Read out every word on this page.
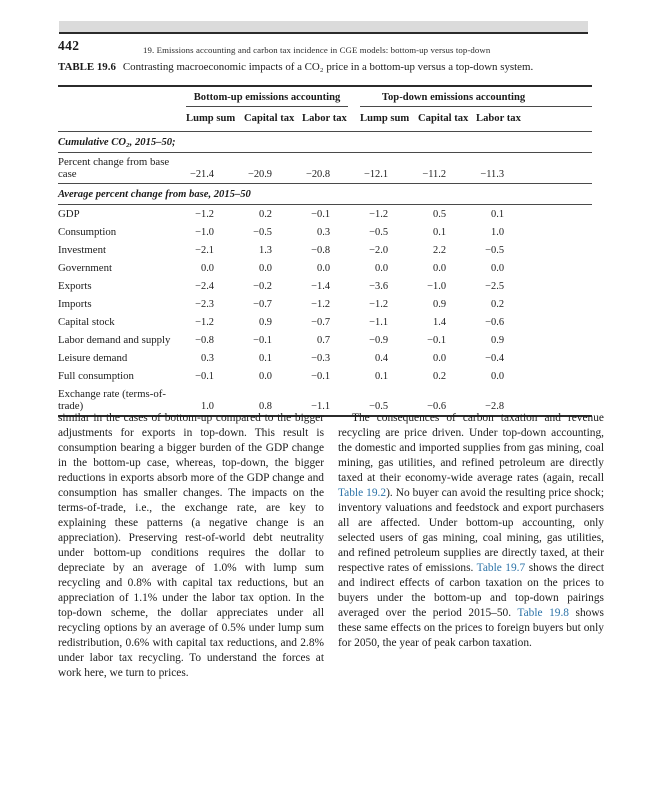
442	19. Emissions accounting and carbon tax incidence in CGE models: bottom-up versus top-down
TABLE 19.6 Contrasting macroeconomic impacts of a CO₂ price in a bottom-up versus a top-down system.

	Bottom-up emissions accounting			Top-down emissions accounting			

	Lump sum	Capital tax	Labor tax	Lump sum	Capital tax	Labor tax	
Cumulative CO₂, 2015–50;							
Percent change from base case	−21.4	−20.9	−20.8	−12.1	−11.2	−11.3	
Average percent change from base, 2015–50							
GDP	−1.2	0.2	−0.1	−1.2	0.5	0.1	
Consumption	−1.0	−0.5	0.3	−0.5	0.1	1.0	
Investment	−2.1	1.3	−0.8	−2.0	2.2	−0.5	
Government	0.0	0.0	0.0	0.0	0.0	0.0	
Exports	−2.4	−0.2	−1.4	−3.6	−1.0	−2.5	
Imports	−2.3	−0.7	−1.2	−1.2	0.9	0.2	
Capital stock	−1.2	0.9	−0.7	−1.1	1.4	−0.6	
Labor demand and supply	−0.8	−0.1	0.7	−0.9	−0.1	0.9	
Leisure demand	0.3	0.1	−0.3	0.4	0.0	−0.4	
Full consumption	−0.1	0.0	−0.1	0.1	0.2	0.0	
Exchange rate (terms-of-trade)	1.0	0.8	−1.1	−0.5	−0.6	−2.8	

similar in the cases of bottom-up compared to the bigger adjustments for exports in top-down. This result is consumption bearing a bigger burden of the GDP change in the bottom-up case, whereas, top-down, the bigger reductions in exports absorb more of the GDP change and consumption has smaller changes. The impacts on the terms-of-trade, i.e., the exchange rate, are key to explaining these patterns (a negative change is an appreciation). Preserving rest-of-world debt neutrality under bottom-up conditions requires the dollar to depreciate by an average of 1.0% with lump sum recycling and 0.8% with capital tax reductions, but an appreciation of 1.1% under the labor tax option. In the top-down scheme, the dollar appreciates under all recycling options by an average of 0.5% under lump sum redistribution, 0.6% with capital tax reductions, and 2.8% under labor tax recycling. To understand the forces at work here, we turn to prices.

The consequences of carbon taxation and revenue recycling are price driven. Under top-down accounting, the domestic and imported supplies from gas mining, coal mining, gas utilities, and refined petroleum are directly taxed at their economy-wide average rates (again, recall Table 19.2). No buyer can avoid the resulting price shock; inventory valuations and feedstock and export purchasers all are affected. Under bottom-up accounting, only selected users of gas mining, coal mining, gas utilities, and refined petroleum supplies are directly taxed, at their respective rates of emissions. Table 19.7 shows the direct and indirect effects of carbon taxation on the prices to buyers under the bottom-up and top-down pairings averaged over the period 2015–50. Table 19.8 shows these same effects on the prices to foreign buyers but only for 2050, the year of peak carbon taxation.
